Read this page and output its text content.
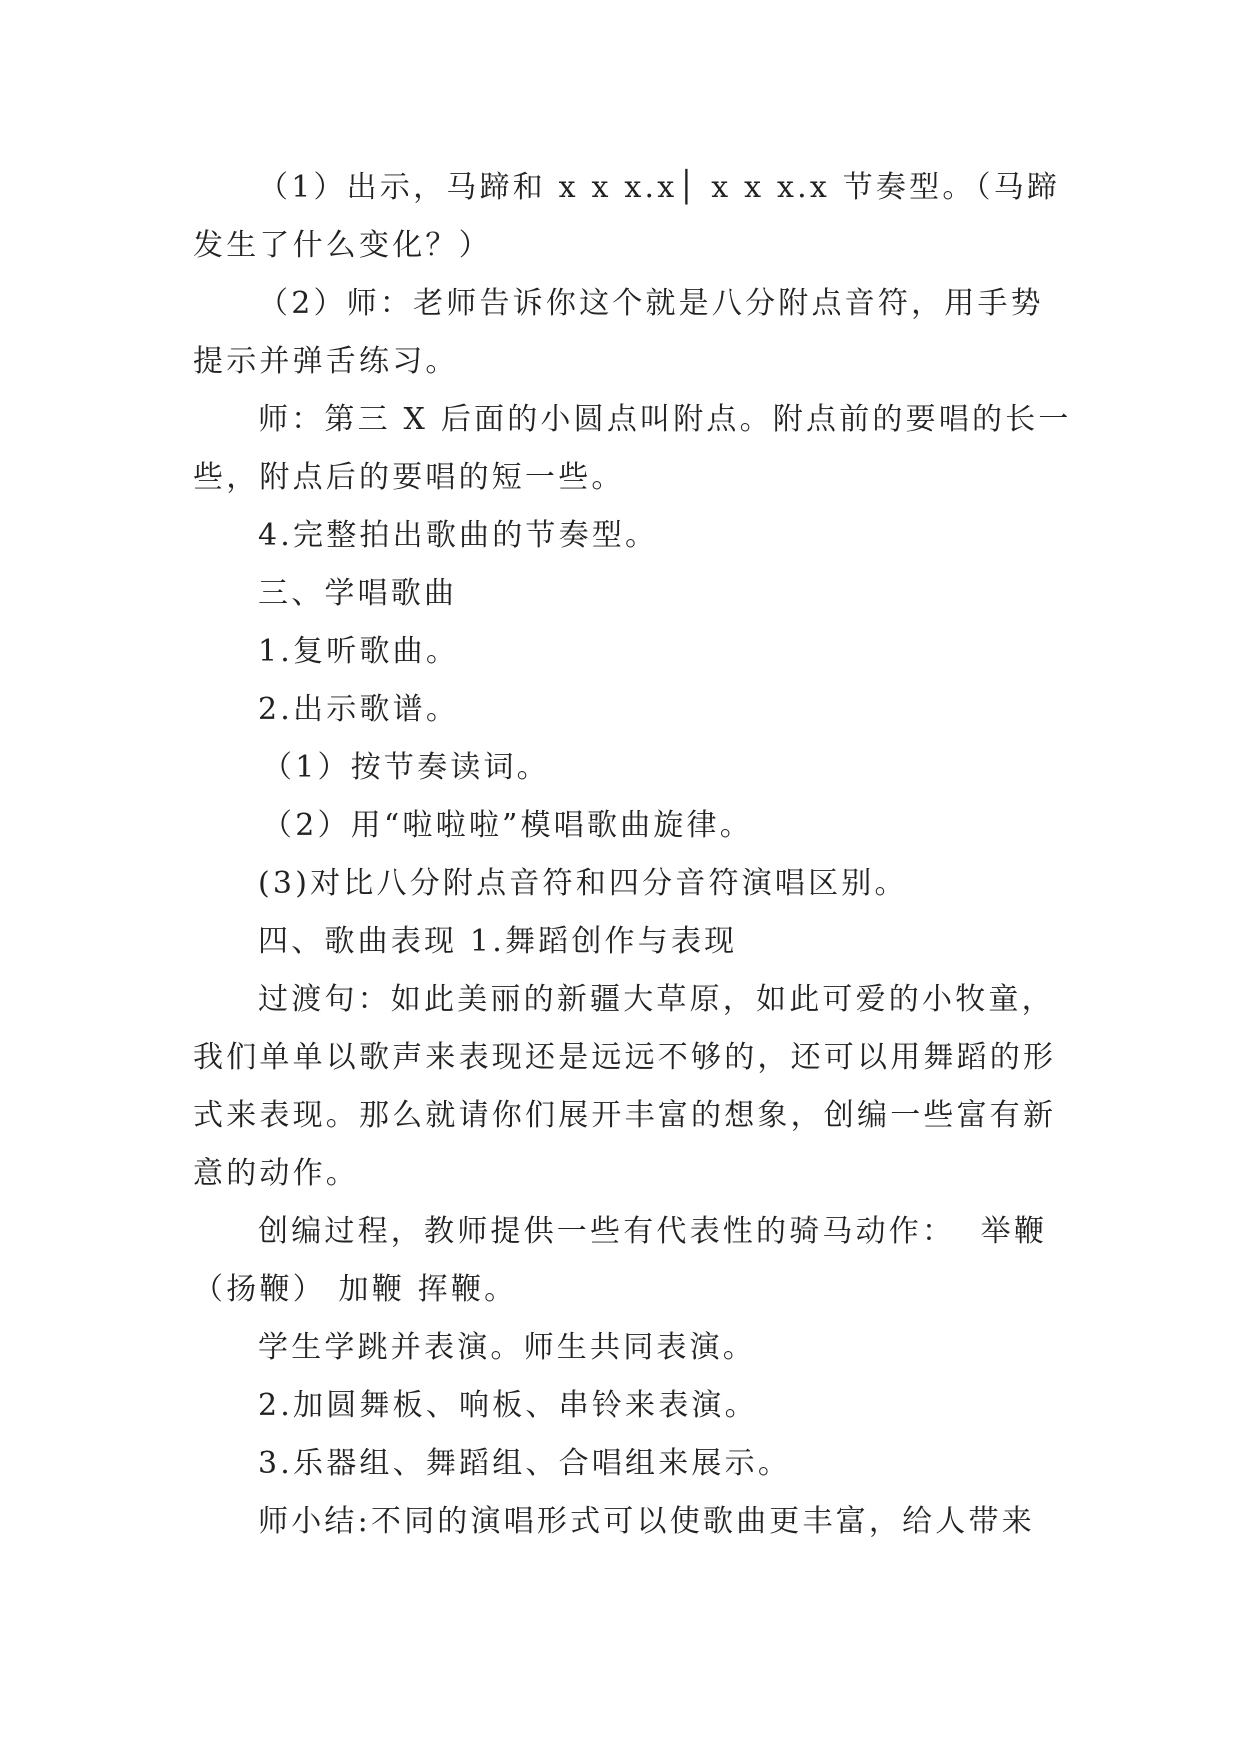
（1）出示，马蹄和 x x x.x│ x x x.x 节奏型。（马蹄
发生了什么变化？）
（2）师：老师告诉你这个就是八分附点音符，用手势
提示并弹舌练习。
师：第三 X 后面的小圆点叫附点。附点前的要唱的长一
些，附点后的要唱的短一些。
4.完整拍出歌曲的节奏型。
三、学唱歌曲
1.复听歌曲。
2.出示歌谱。
（1）按节奏读词。
（2）用“啦啦啦”模唱歌曲旋律。
(3)对比八分附点音符和四分音符演唱区别。
四、歌曲表现 1.舞蹈创作与表现
过渡句：如此美丽的新疆大草原，如此可爱的小牧童，
我们单单以歌声来表现还是远远不够的，还可以用舞蹈的形
式来表现。那么就请你们展开丰富的想象，创编一些富有新
意的动作。
创编过程，教师提供一些有代表性的骑马动作：  举鞭
（扬鞭） 加鞭 挥鞭。
学生学跳并表演。师生共同表演。
2.加圆舞板、响板、串铃来表演。
3.乐器组、舞蹈组、合唱组来展示。
师小结:不同的演唱形式可以使歌曲更丰富，给人带来
